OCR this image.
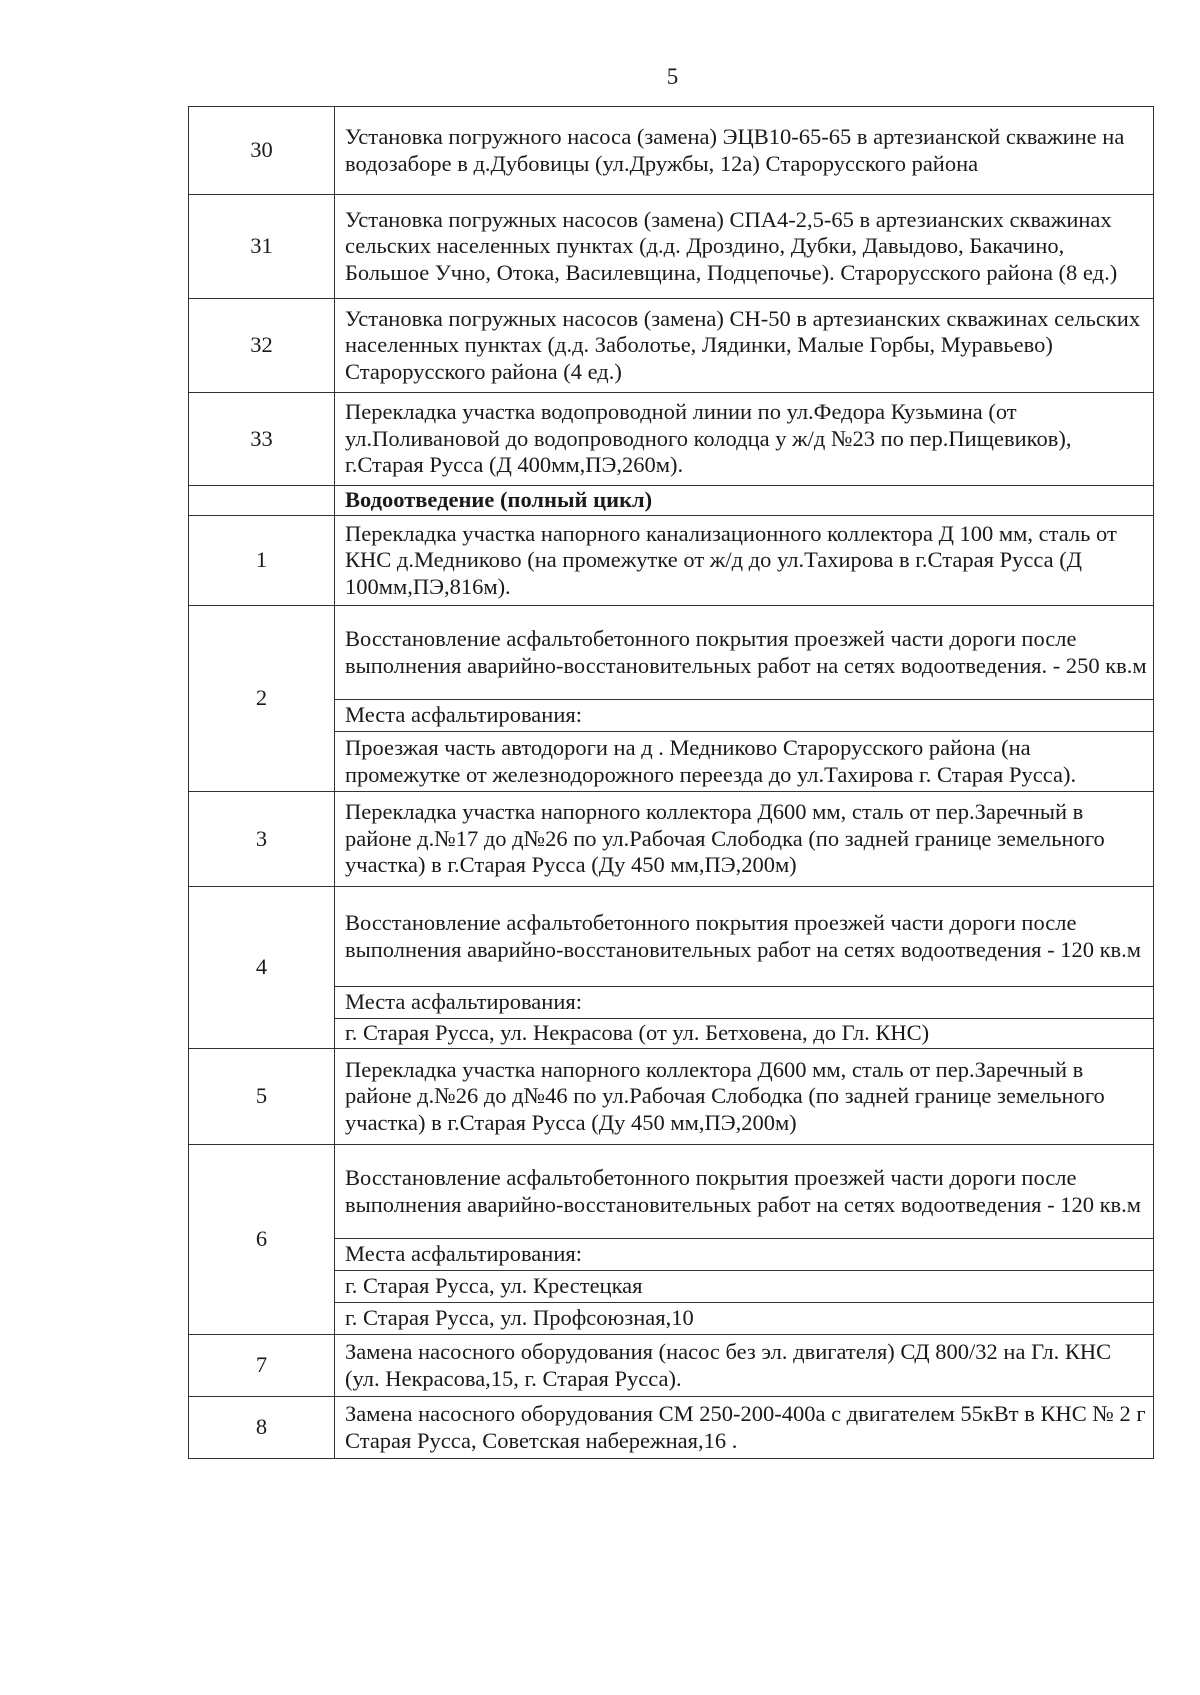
5
30	Установка погружного насоса (замена) ЭЦВ10-65-65 в артезианской скважине на водозаборе в д.Дубовицы (ул.Дружбы, 12а) Старорусского района
31	Установка погружных насосов (замена) СПА4-2,5-65 в артезианских скважинах сельских населенных пунктах (д.д. Дроздино, Дубки, Давыдово, Бакачино, Большое Учно, Отока, Василевщина, Подцепочье). Старорусского района (8 ед.)
32	Установка погружных насосов (замена) СН-50 в артезианских скважинах сельских населенных пунктах (д.д. Заболотье, Лядинки, Малые Горбы, Муравьево) Старорусского района (4 ед.)
33	Перекладка участка водопроводной линии по ул.Федора Кузьмина (от ул.Поливановой до водопроводного колодца у ж/д №23 по пер.Пищевиков), г.Старая Русса (Д 400мм,ПЭ,260м).
	Водоотведение (полный цикл)
1	Перекладка участка напорного канализационного коллектора Д 100 мм, сталь от КНС д.Медниково (на промежутке от ж/д до ул.Тахирова в г.Старая Русса (Д 100мм,ПЭ,816м).
2	Восстановление асфальтобетонного покрытия проезжей части дороги после выполнения аварийно-восстановительных работ на сетях водоотведения. - 250 кв.м
	Места асфальтирования:
	Проезжая часть автодороги на д . Медниково Старорусского района (на промежутке от железнодорожного переезда до ул.Тахирова г. Старая Русса).
3	Перекладка участка напорного коллектора Д600 мм, сталь от пер.Заречный в районе д.№17 до д№26 по ул.Рабочая Слободка (по задней границе земельного участка) в г.Старая Русса (Ду 450 мм,ПЭ,200м)
4	Восстановление асфальтобетонного покрытия проезжей части дороги после выполнения аварийно-восстановительных работ на сетях водоотведения - 120 кв.м
	Места асфальтирования:
	г. Старая Русса, ул. Некрасова (от ул. Бетховена, до Гл. КНС)
5	Перекладка участка напорного коллектора Д600 мм, сталь от пер.Заречный в районе д.№26 до д№46 по ул.Рабочая Слободка (по задней границе земельного участка) в г.Старая Русса (Ду 450 мм,ПЭ,200м)
6	Восстановление асфальтобетонного покрытия проезжей части дороги после выполнения аварийно-восстановительных работ на сетях водоотведения - 120 кв.м
	Места асфальтирования:
	г. Старая Русса, ул. Крестецкая
	г. Старая Русса, ул. Профсоюзная,10
7	Замена насосного оборудования (насос без эл. двигателя) СД 800/32 на Гл. КНС (ул. Некрасова,15, г. Старая Русса).
8	Замена насосного оборудования СМ 250-200-400а с двигателем 55кВт в КНС № 2 г Старая Русса, Советская набережная,16 .
